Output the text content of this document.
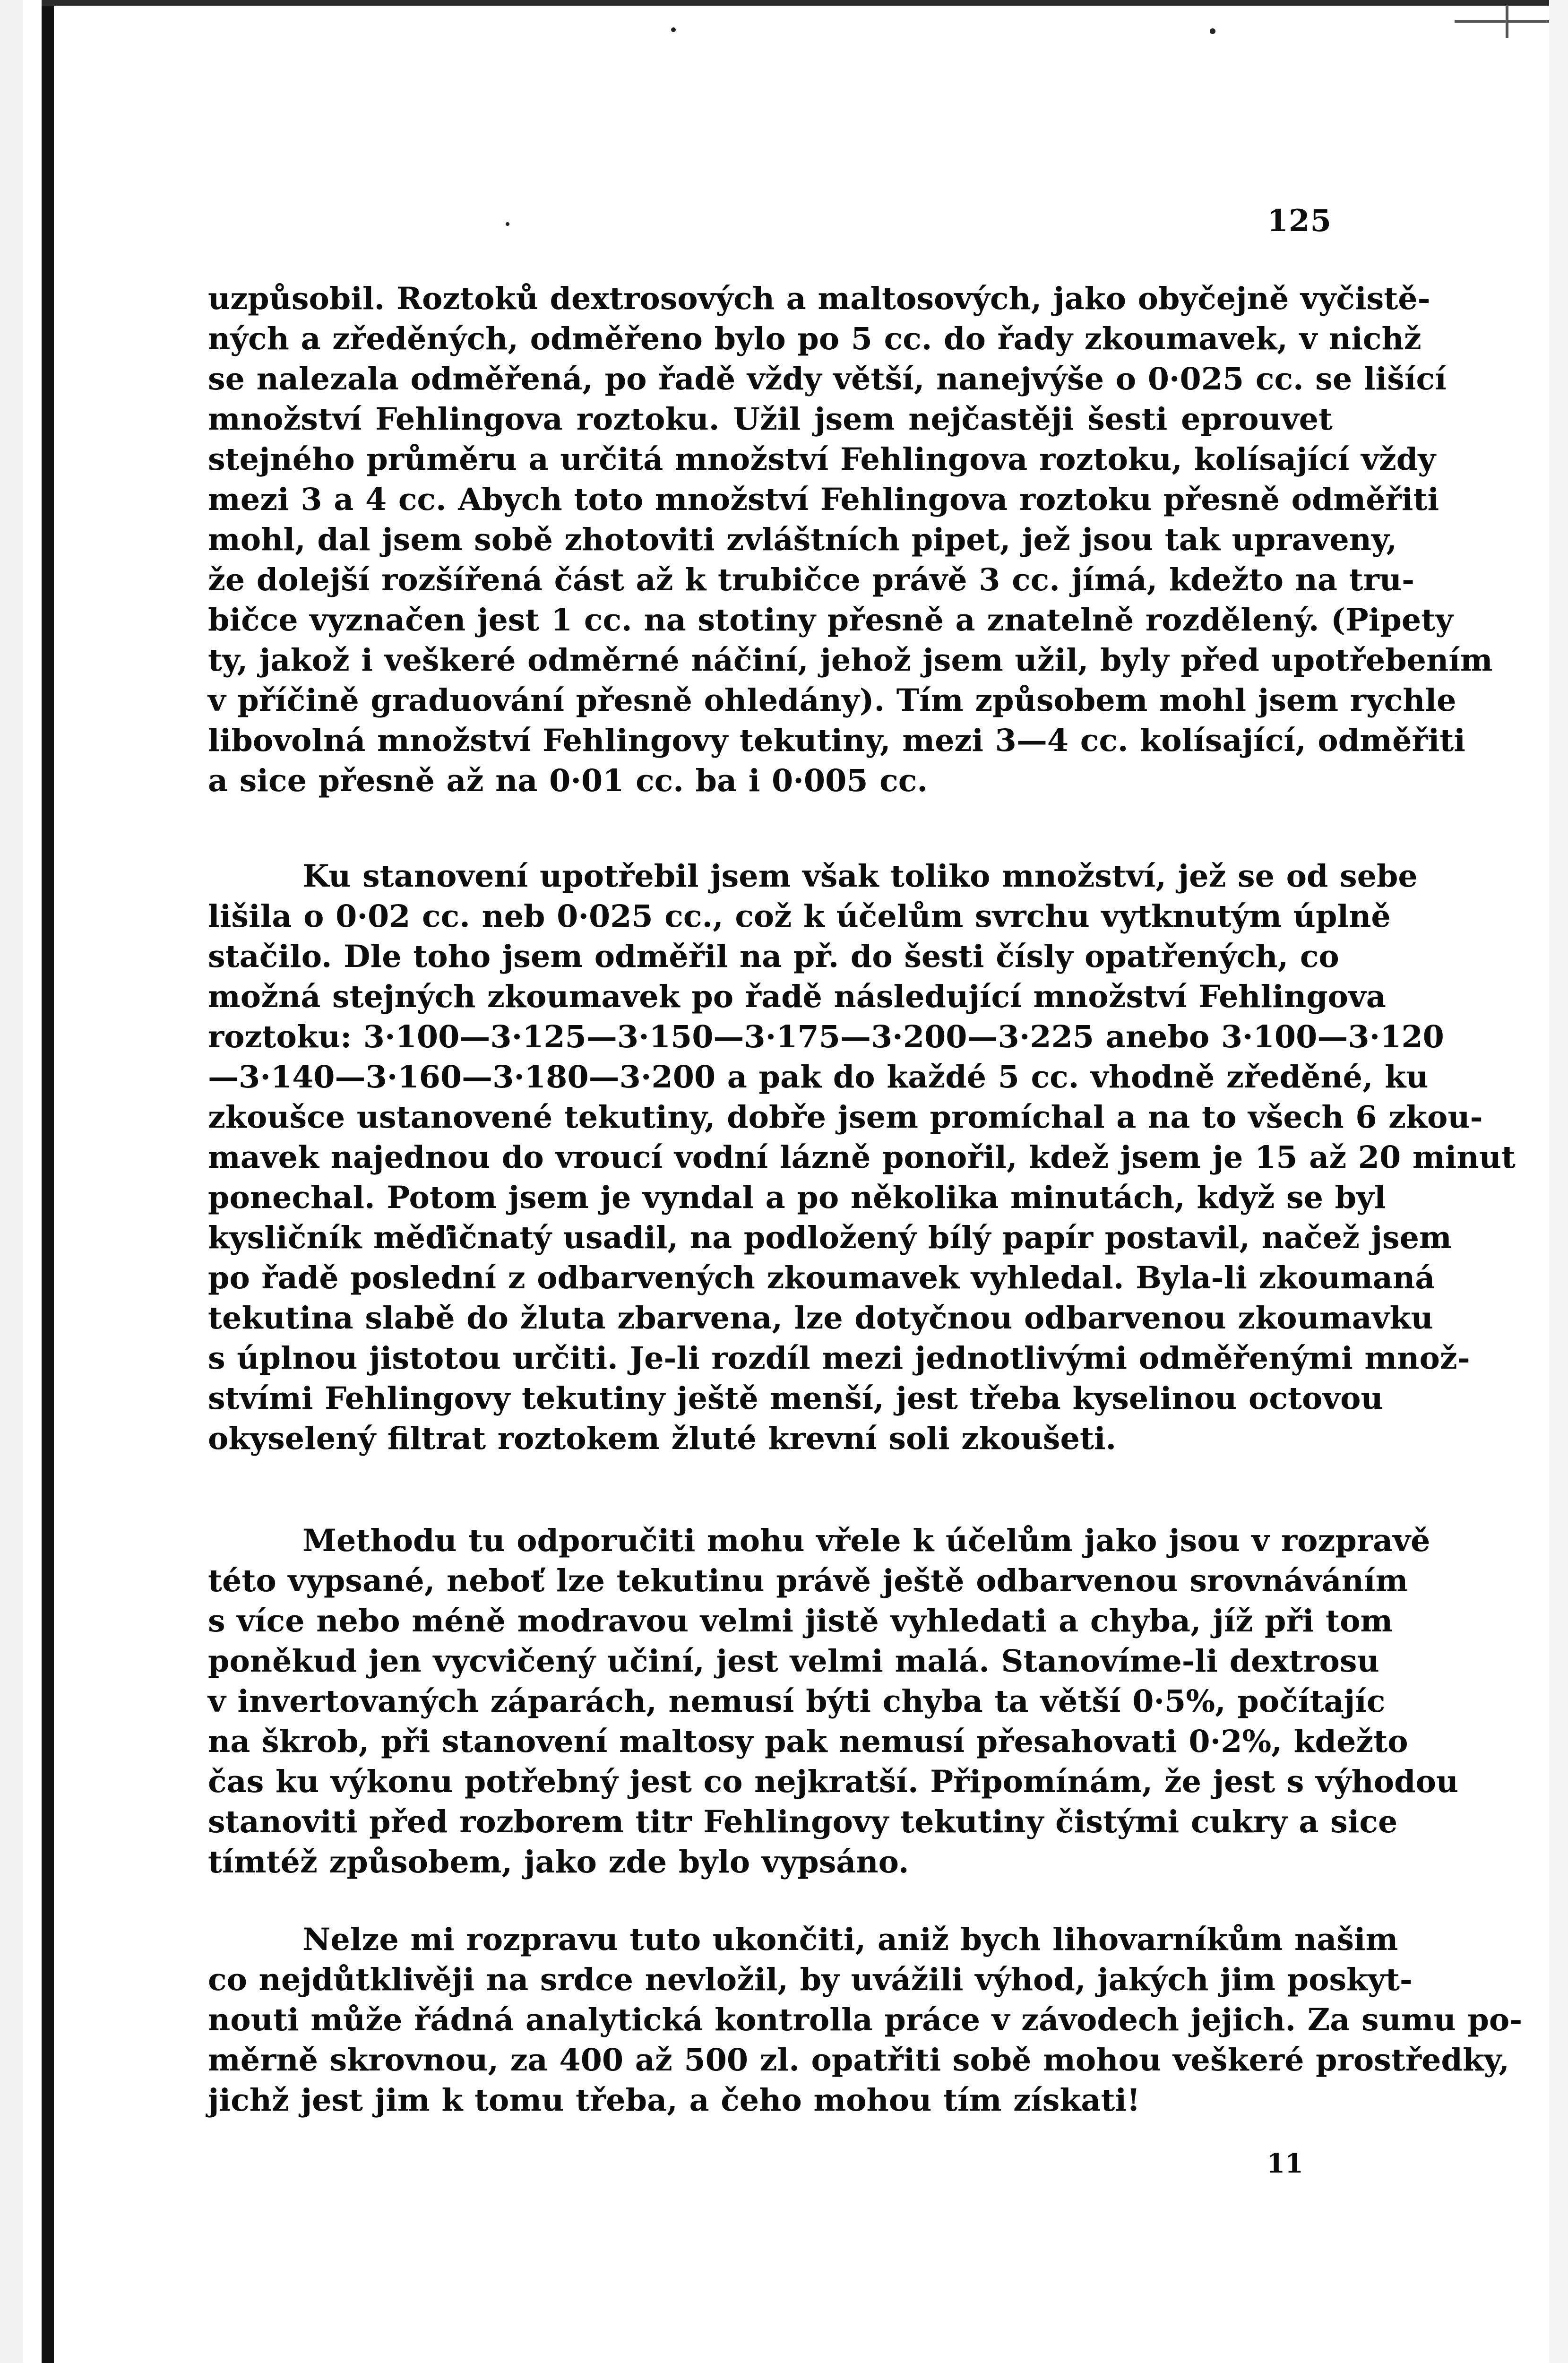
125
uzpůsobil. Roztoků dextrosových a maltosových, jako obyčejně vyčistě-
ných a zředěných, odměřeno bylo po 5 cc. do řady zkoumavek, v nichž
se nalezala odměřená, po řadě vždy větší, nanejvýše o 0·025 cc. se lišící
množství Fehlingova roztoku. Užil jsem nejčastěji šesti eprouvet
stejného průměru a určitá množství Fehlingova roztoku, kolísající vždy
mezi 3 a 4 cc. Abych toto množství Fehlingova roztoku přesně odměřiti
mohl, dal jsem sobě zhotoviti zvláštních pipet, jež jsou tak upraveny,
že dolejší rozšířená část až k trubičce právě 3 cc. jímá, kdežto na tru-
bičce vyznačen jest 1 cc. na stotiny přesně a znatelně rozdělený. (Pipety
ty, jakož i veškeré odměrné náčiní, jehož jsem užil, byly před upotřebením
v příčině graduování přesně ohledány). Tím způsobem mohl jsem rychle
libovolná množství Fehlingovy tekutiny, mezi 3—4 cc. kolísající, odměřiti
a sice přesně až na 0·01 cc. ba i 0·005 cc.
Ku stanovení upotřebil jsem však toliko množství, jež se od sebe
lišila o 0·02 cc. neb 0·025 cc., což k účelům svrchu vytknutým úplně
stačilo. Dle toho jsem odměřil na př. do šesti čísly opatřených, co
možná stejných zkoumavek po řadě následující množství Fehlingova
roztoku: 3·100—3·125—3·150—3·175—3·200—3·225 anebo 3·100—3·120
—3·140—3·160—3·180—3·200 a pak do každé 5 cc. vhodně zředěné, ku
zkoušce ustanovené tekutiny, dobře jsem promíchal a na to všech 6 zkou-
mavek najednou do vroucí vodní lázně ponořil, kdež jsem je 15 až 20 minut
ponechal. Potom jsem je vyndal a po několika minutách, když se byl
kysličník měďičnatý usadil, na podložený bílý papír postavil, načež jsem
po řadě poslední z odbarvených zkoumavek vyhledal. Byla-li zkoumaná
tekutina slabě do žluta zbarvena, lze dotyčnou odbarvenou zkoumavku
s úplnou jistotou určiti. Je-li rozdíl mezi jednotlivými odměřenými množ-
stvími Fehlingovy tekutiny ještě menší, jest třeba kyselinou octovou
okyselený filtrat roztokem žluté krevní soli zkoušeti.
Methodu tu odporučiti mohu vřele k účelům jako jsou v rozpravě
této vypsané, neboť lze tekutinu právě ještě odbarvenou srovnáváním
s více nebo méně modravou velmi jistě vyhledati a chyba, jíž při tom
poněkud jen vycvičený učiní, jest velmi malá. Stanovíme-li dextrosu
v invertovaných záparách, nemusí býti chyba ta větší 0·5%, počítajíc
na škrob, při stanovení maltosy pak nemusí přesahovati 0·2%, kdežto
čas ku výkonu potřebný jest co nejkratší. Připomínám, že jest s výhodou
stanoviti před rozborem titr Fehlingovy tekutiny čistými cukry a sice
tímtéž způsobem, jako zde bylo vypsáno.
Nelze mi rozpravu tuto ukončiti, aniž bych lihovarníkům našim
co nejdůtklivěji na srdce nevložil, by uvážili výhod, jakých jim poskyt-
nouti může řádná analytická kontrolla práce v závodech jejich. Za sumu po-
měrně skrovnou, za 400 až 500 zl. opatřiti sobě mohou veškeré prostředky,
jichž jest jim k tomu třeba, a čeho mohou tím získati!
11
